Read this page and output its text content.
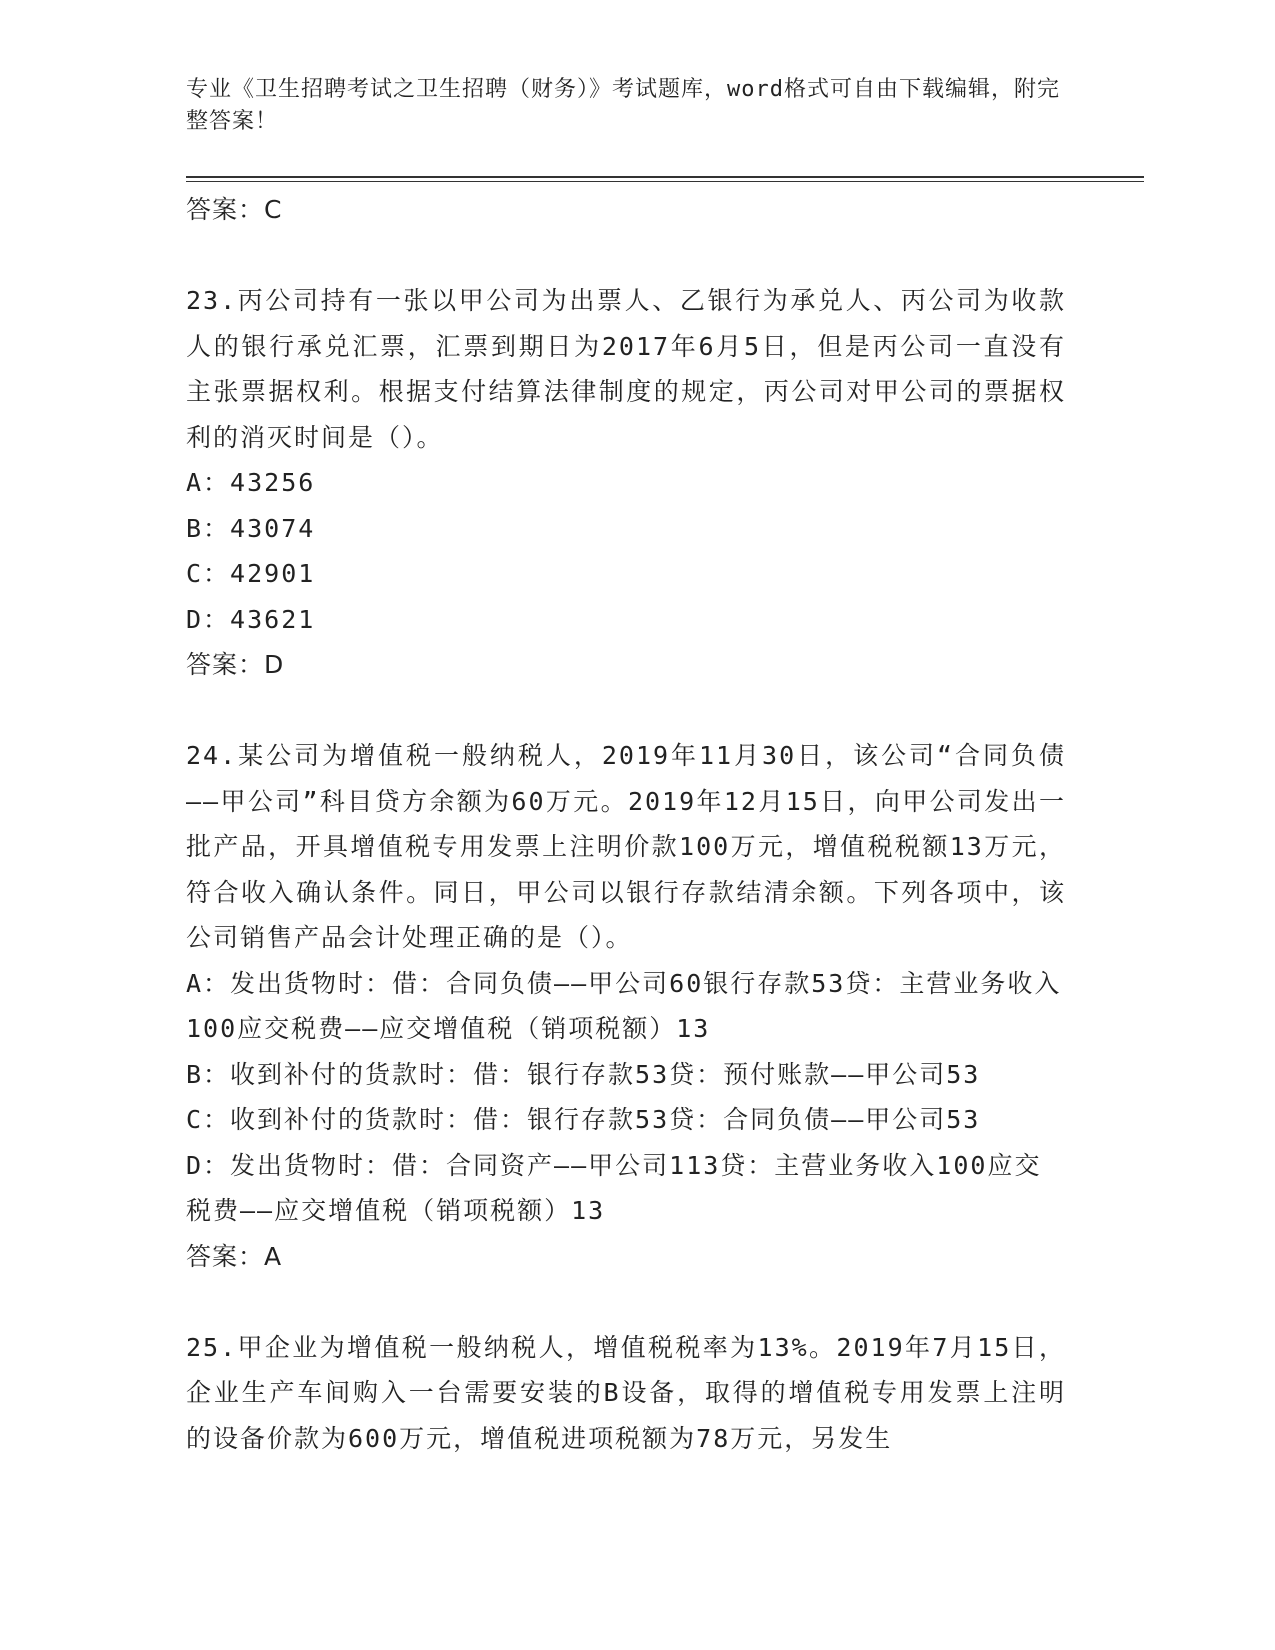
专业《卫生招聘考试之卫生招聘（财务）》考试题库，word格式可自由下载编辑，附完整答案！
答案：C
23.丙公司持有一张以甲公司为出票人、乙银行为承兑人、丙公司为收款人的银行承兑汇票，汇票到期日为2017年6月5日，但是丙公司一直没有主张票据权利。根据支付结算法律制度的规定，丙公司对甲公司的票据权利的消灭时间是（）。
A：43256
B：43074
C：42901
D：43621
答案：D
24.某公司为增值税一般纳税人，2019年11月30日，该公司“合同负债——甲公司”科目贷方余额为60万元。2019年12月15日，向甲公司发出一批产品，开具增值税专用发票上注明价款100万元，增值税税额13万元，符合收入确认条件。同日，甲公司以银行存款结清余额。下列各项中，该公司销售产品会计处理正确的是（）。
A：发出货物时：借：合同负债——甲公司60银行存款53贷：主营业务收入100应交税费——应交增值税（销项税额）13
B：收到补付的货款时：借：银行存款53贷：预付账款——甲公司53
C：收到补付的货款时：借：银行存款53贷：合同负债——甲公司53
D：发出货物时：借：合同资产——甲公司113贷：主营业务收入100应交税费——应交增值税（销项税额）13
答案：A
25.甲企业为增值税一般纳税人，增值税税率为13%。2019年7月15日，企业生产车间购入一台需要安装的B设备，取得的增值税专用发票上注明的设备价款为600万元，增值税进项税额为78万元，另发生
